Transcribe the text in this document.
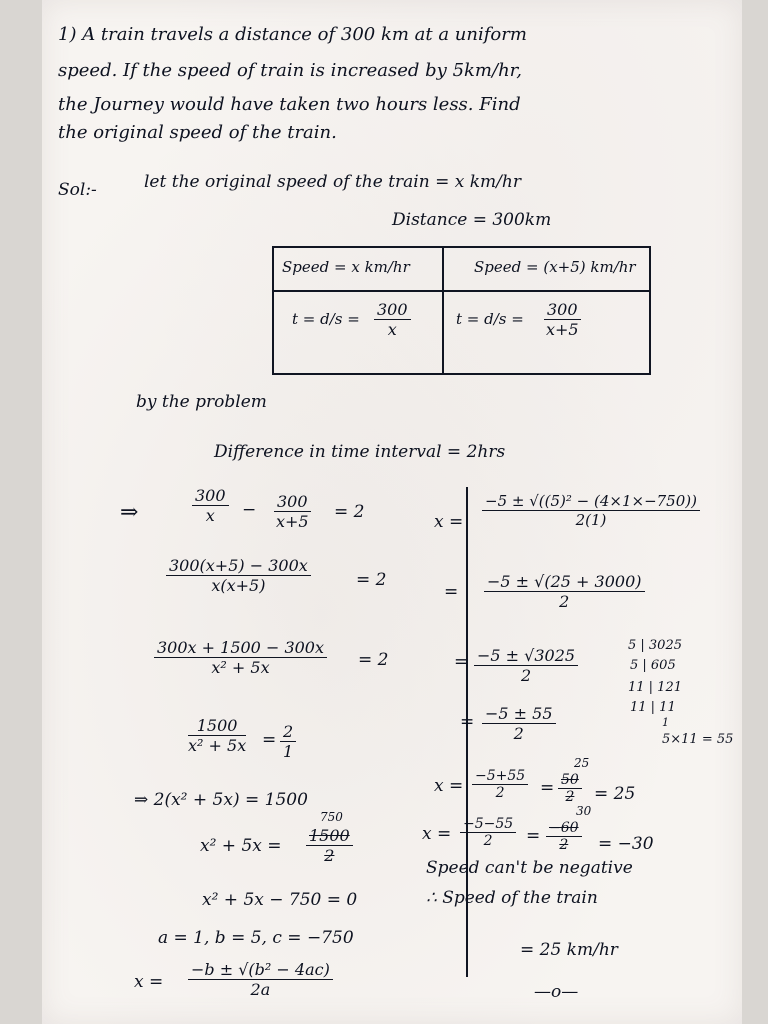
1) A train travels a distance of 300 km at a uniform
speed. If the speed of train is increased by 5km/hr,
the Journey would have taken two hours less. Find
the original speed of the train.
Sol:-	let the original speed of the train = x km/hr
Distance = 300km
Speed = x km/hr	Speed = (x+5) km/hr
$t = d/s = \frac{300}{x}$	$t = d/s = \frac{300}{x+5}$
by the problem
Difference in time interval = 2hrs
⇒	$\frac{300}{x} - \frac{300}{x+5} = 2$
$\frac{300(x+5) - 300x}{x(x+5)}$	= 2
$\frac{300x + 1500 - 300x}{\text{x² + 5x}} = 2$
$\frac{1500}{\text{x² + 5x}} = \frac{2}{1}$
⇒ 2(x² + 5x) = 1500
x² + 5x =
750
$\frac{1500}{2}$
x² + 5x − 750 = 0
a = 1, b = 5, c = −750
$x = \frac{\text{−b ± √(b² − 4ac)}}{2a}$
$x = \frac{\text{−5 ± √((5)² − (4×1×−750))}}{2(1)}$
= $\frac{-5 \pm √(25 + 3000)}{2}$
= $\frac{-5 \pm √3025}{2}$
= $\frac{-5 \pm 55}{2}$
5 | 3025
5 | 605
11 | 121
11 | 11
1
5×11 = 55
$x = \frac{-5+55}{2}$ =
25
$\frac{50}{2} = 25$
$x = \frac{-5-55}{2}$ =
30
$\frac{-60}{2} = -30$
Speed can't be negative
∴ Speed of the train
= 25 km/hr
—o—
